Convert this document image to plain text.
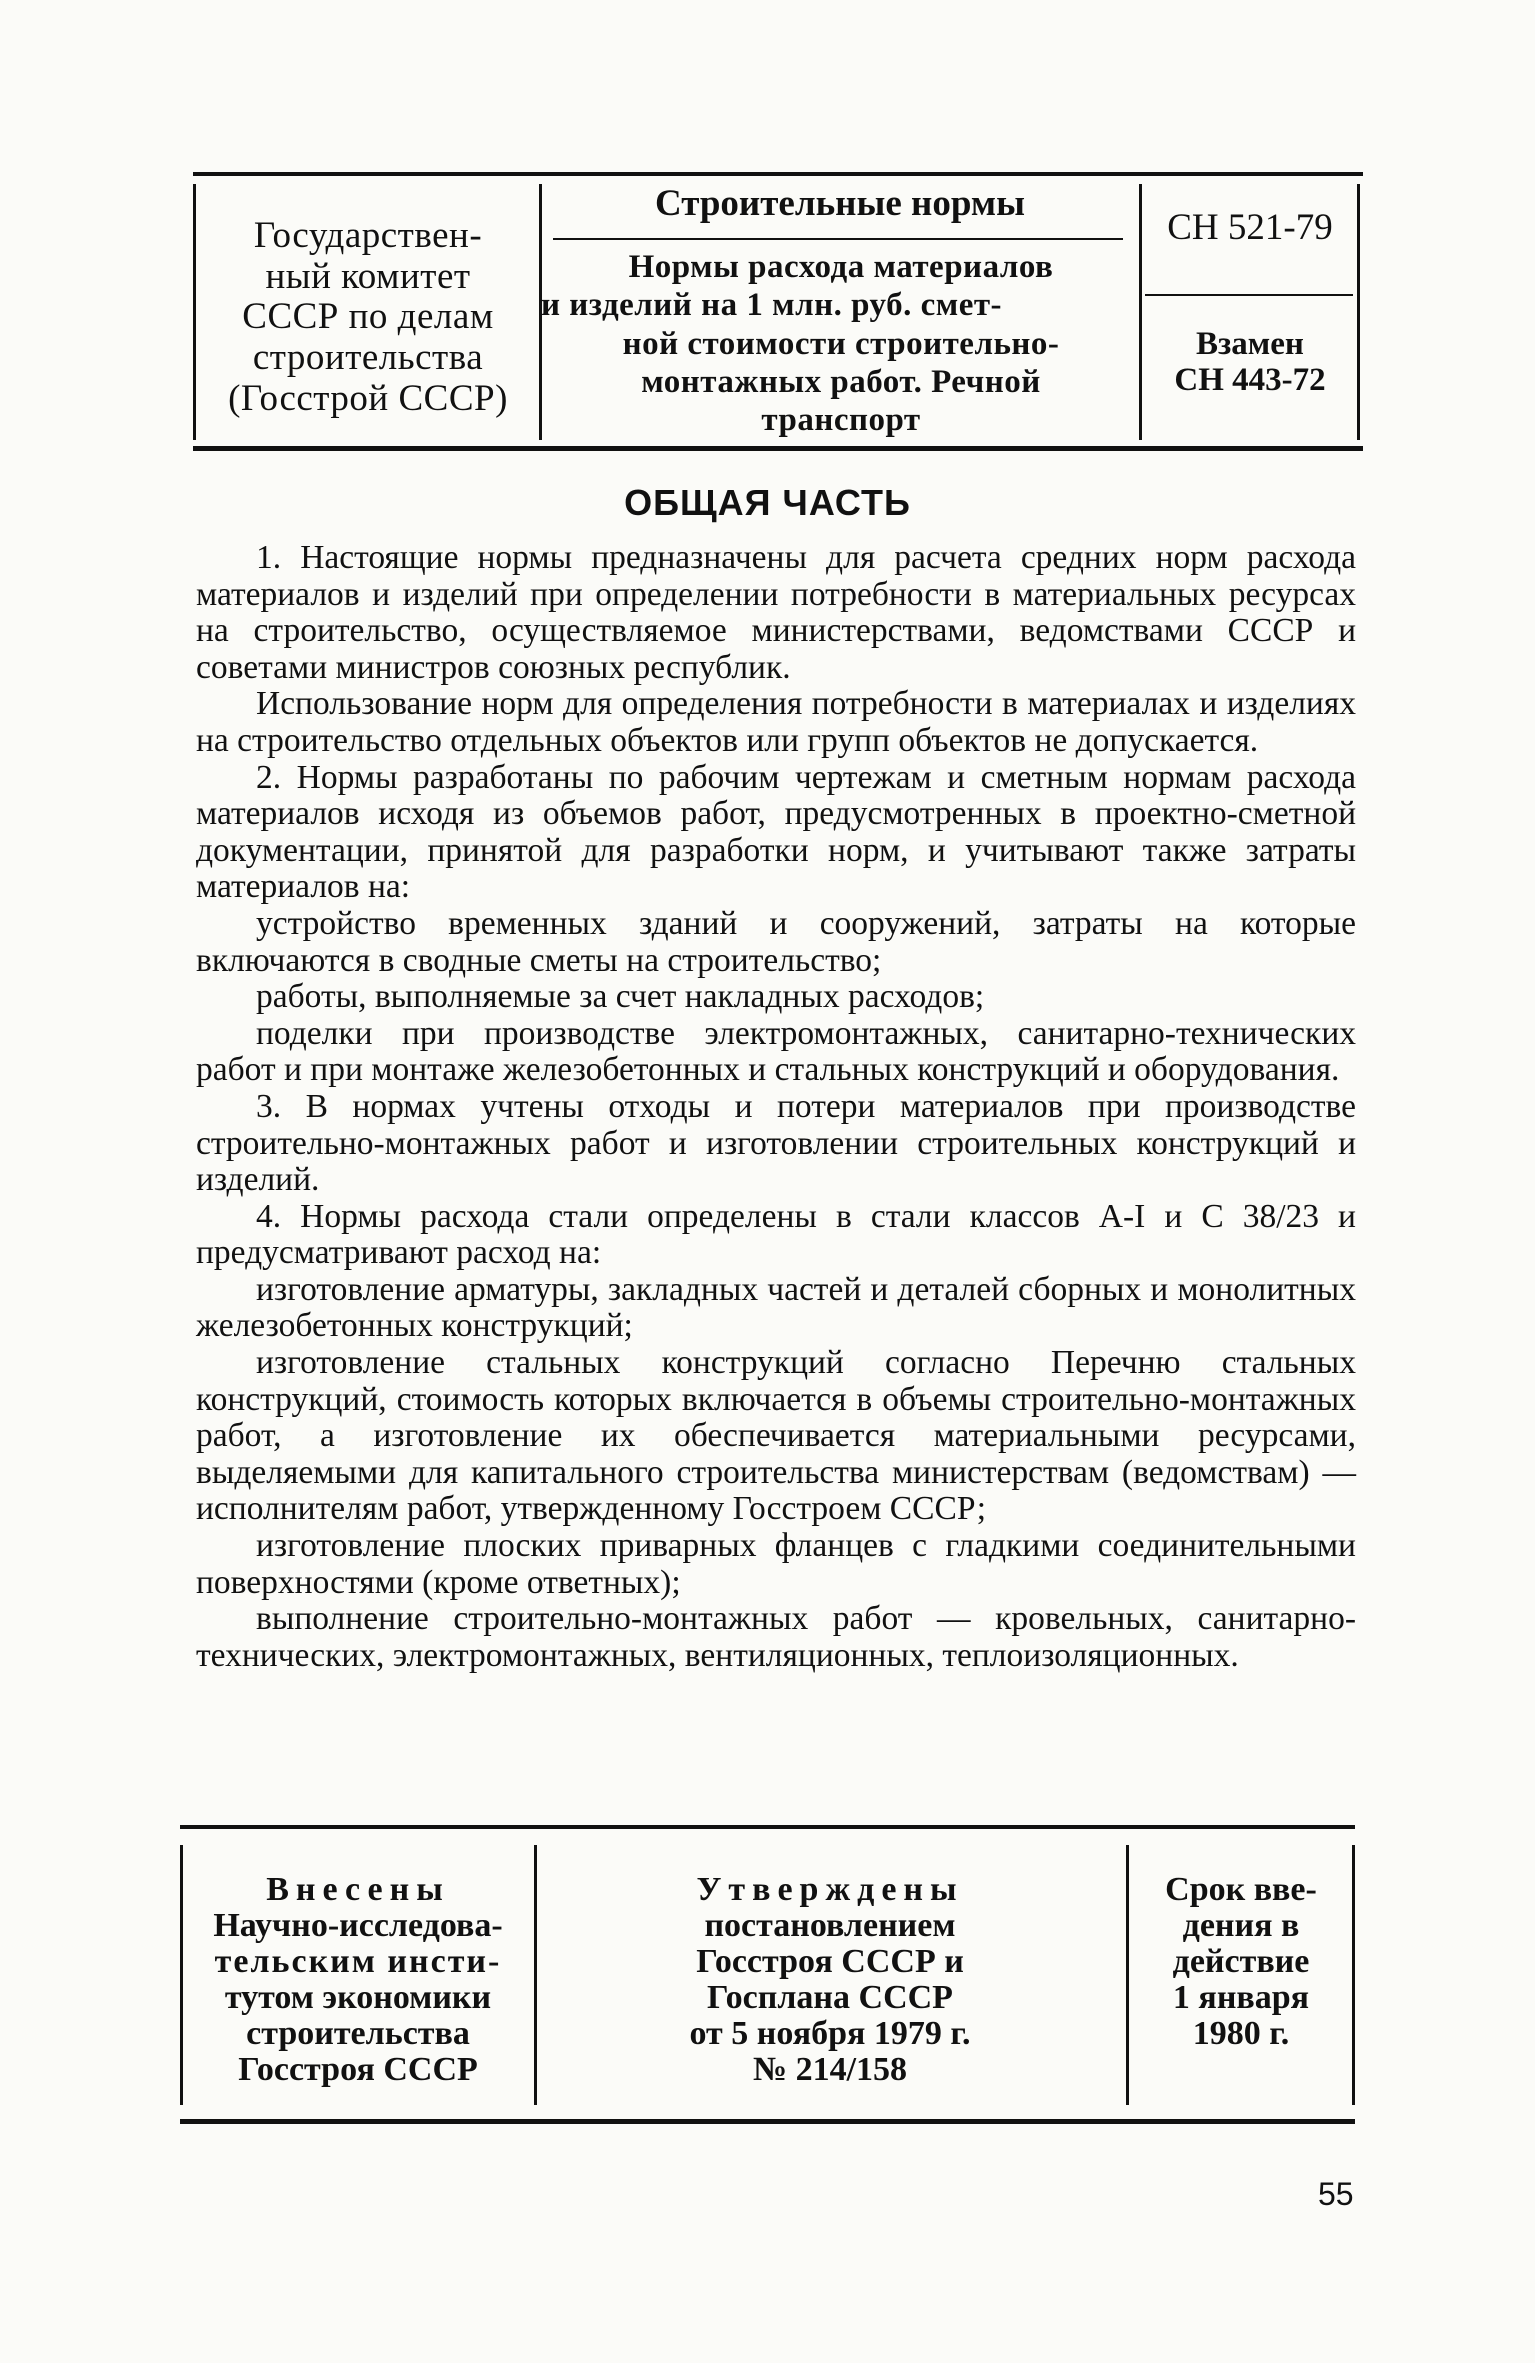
Государствен-
ный комитет
СССР по делам
строительства
(Госстрой СССР)
Строительные нормы
Нормы расхода материалов
и изделий на 1 млн. руб. смет-
ной стоимости строительно-
монтажных работ. Речной
транспорт
СН 521-79
Взамен
СН 443-72
ОБЩАЯ ЧАСТЬ

1. Настоящие нормы предназначены для расчета средних норм расхода материалов и изделий при определении потребности в материальных ресурсах на строительство, осуществляемое министерствами, ведомствами СССР и советами министров союзных республик.

Использование норм для определения потребности в материалах и изделиях на строительство отдельных объектов или групп объектов не допускается.

2. Нормы разработаны по рабочим чертежам и сметным нормам расхода материалов исходя из объемов работ, предусмотренных в проектно-сметной документации, принятой для разработки норм, и учитывают также затраты материалов на:

устройство временных зданий и сооружений, затраты на которые включаются в сводные сметы на строительство;

работы, выполняемые за счет накладных расходов;

поделки при производстве электромонтажных, санитарно-технических работ и при монтаже железобетонных и стальных конструкций и оборудования.

3. В нормах учтены отходы и потери материалов при производстве строительно-монтажных работ и изготовлении строительных конструкций и изделий.

4. Нормы расхода стали определены в стали классов А-I и С 38/23 и предусматривают расход на:

изготовление арматуры, закладных частей и деталей сборных и монолитных железобетонных конструкций;

изготовление стальных конструкций согласно Перечню стальных конструкций, стоимость которых включается в объемы строительно-монтажных работ, а изготовление их обеспечивается материальными ресурсами, выделяемыми для капитального строительства министерствам (ведомствам) — исполнителям работ, утвержденному Госстроем СССР;

изготовление плоских приварных фланцев с гладкими соединительными поверхностями (кроме ответных);

выполнение строительно-монтажных работ — кровельных, санитарно-технических, электромонтажных, вентиляционных, теплоизоляционных.

Внесены
Научно-исследова-
тельским инсти-
тутом экономики
строительства
Госстроя СССР
Утверждены
постановлением
Госстроя СССР и
Госплана СССР
от 5 ноября 1979 г.
№ 214/158
Срок вве-
дения в
действие
1 января
1980 г.
55
